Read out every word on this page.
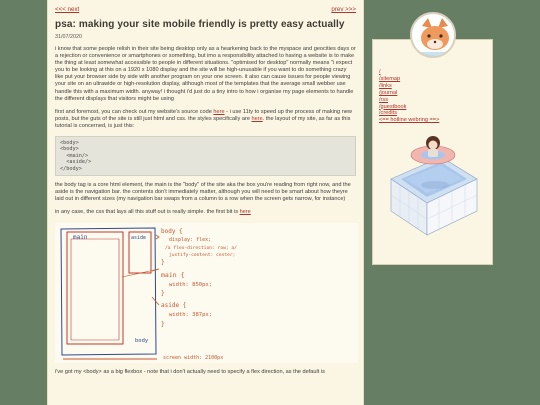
<<< next	prev >>>
psa: making your site mobile friendly is pretty easy actually
31/07/2020

i know that some people relish in their site being desktop only as a hearkening back to the myspace and geocities days or a rejection or convenience or smartphones or something, but imo a responsibility attached to having a website is to make the thing at least somewhat accessible to people in different situations. "optimised for desktop" normally means "i expect you to be looking at this on a 1920 x 1080 display and the site will be high-unusable if you want to do something crazy like put your browser side by side with another program on your one screen. it also can cause issues for people viewing your site on an ultrawide or high-resolution display, although most of the templates that the average small webber use handle this with a maximum width. anyway! i thought i'd just do a tiny intro to how i organise my page elements to handle the different displays that visitors might be using

first and foremost, you can check out my website's source code here - i use 11ty to speed up the process of making new posts, but the guts of the site is still just html and css. the styles specifically are here. the layout of my site, as far as this tutorial is concerned, is just this:

<body>
<body>
<main/>
<aside/>
</body>

the body tag is a core html element, the main is the "body" of the site aka the box you're reading from right now, and the aside is the navigation bar. the contents don't immediately matter, although you will need to be smart about how theyre laid out in different sizes (my navigation bar swaps from a column to a row when the screen gets narrow, for instance)

in any case, the css that lays all this stuff out is really simple. the first bit is here

main	aside
body
body {
display: flex;
/a flex-direction: row; a/
justify-content: center;
}
main {
width: 850px;
}
aside {
width: 387px;
}
screen width: 2100px

i've got my <body> as a big flexbox - note that i don't actually need to specify a flex direction, as the default is

/
/sitemap
/links
/journal
/rss
/guestbook
/credits
<== hotline webring ==>
